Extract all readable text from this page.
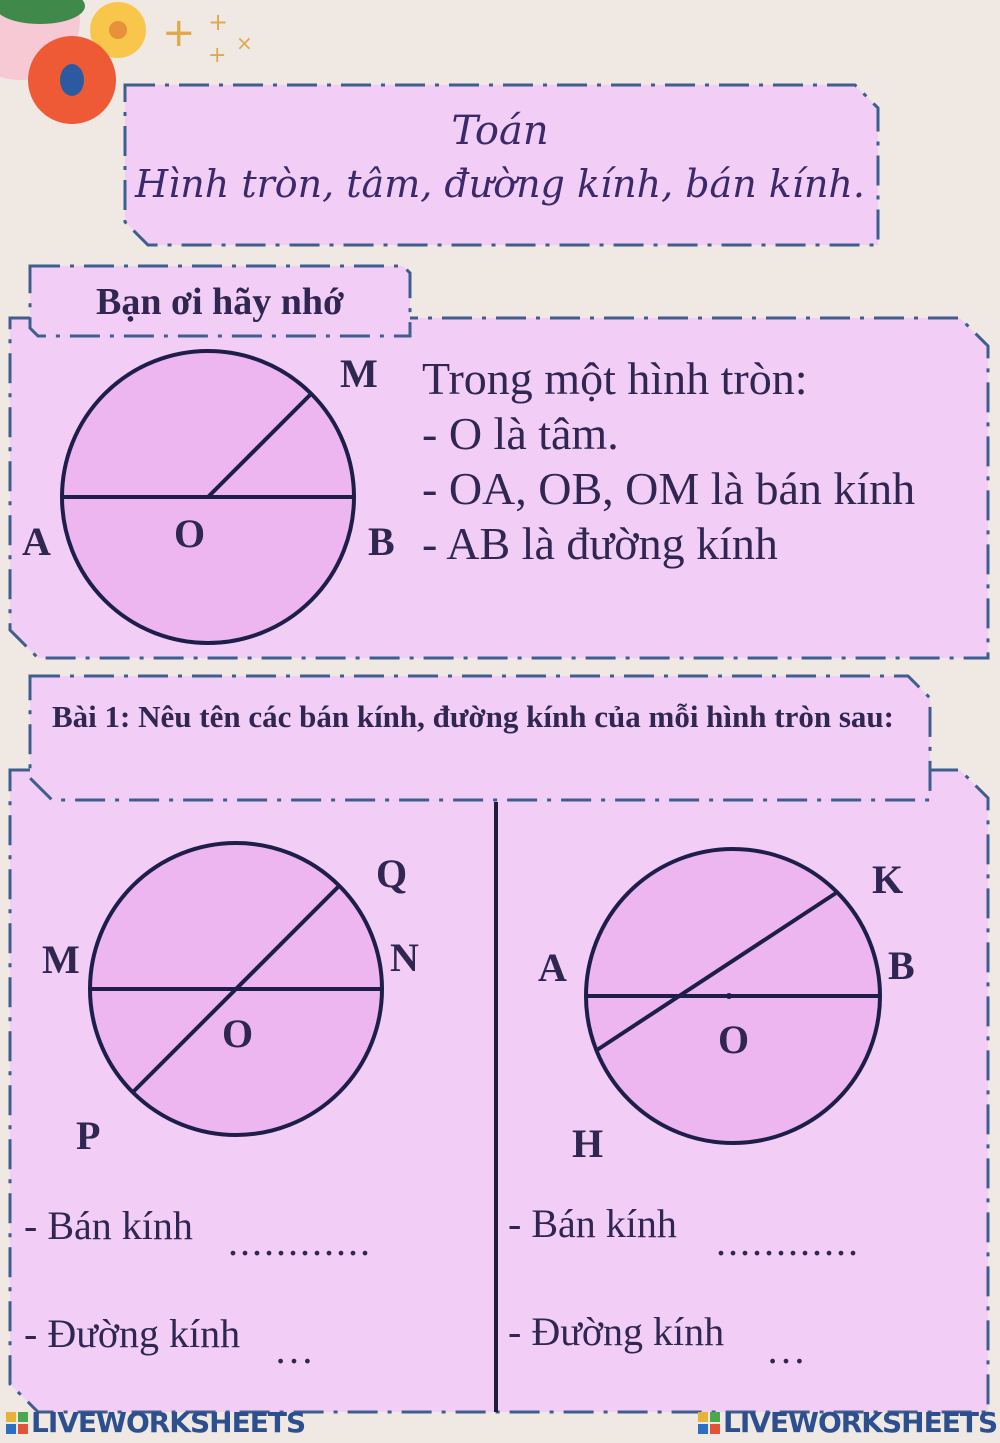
+ +
+ ×
Toán
Hình tròn, tâm, đường kính, bán kính.
Bạn ơi hãy nhớ
Trong một hình tròn:
- O là tâm.
- OA, OB, OM là bán kính
- AB là đường kính
M
A	O	B
Bài 1: Nêu tên các bán kính, đường kính của mỗi hình tròn sau:
Q
M	N
O
P
K
A	B
O
H
- Bán kính ............
- Đường kính …
- Bán kính ............
- Đường kính …
LIVEWORKSHEETS	LIVEWORKSHEETS
